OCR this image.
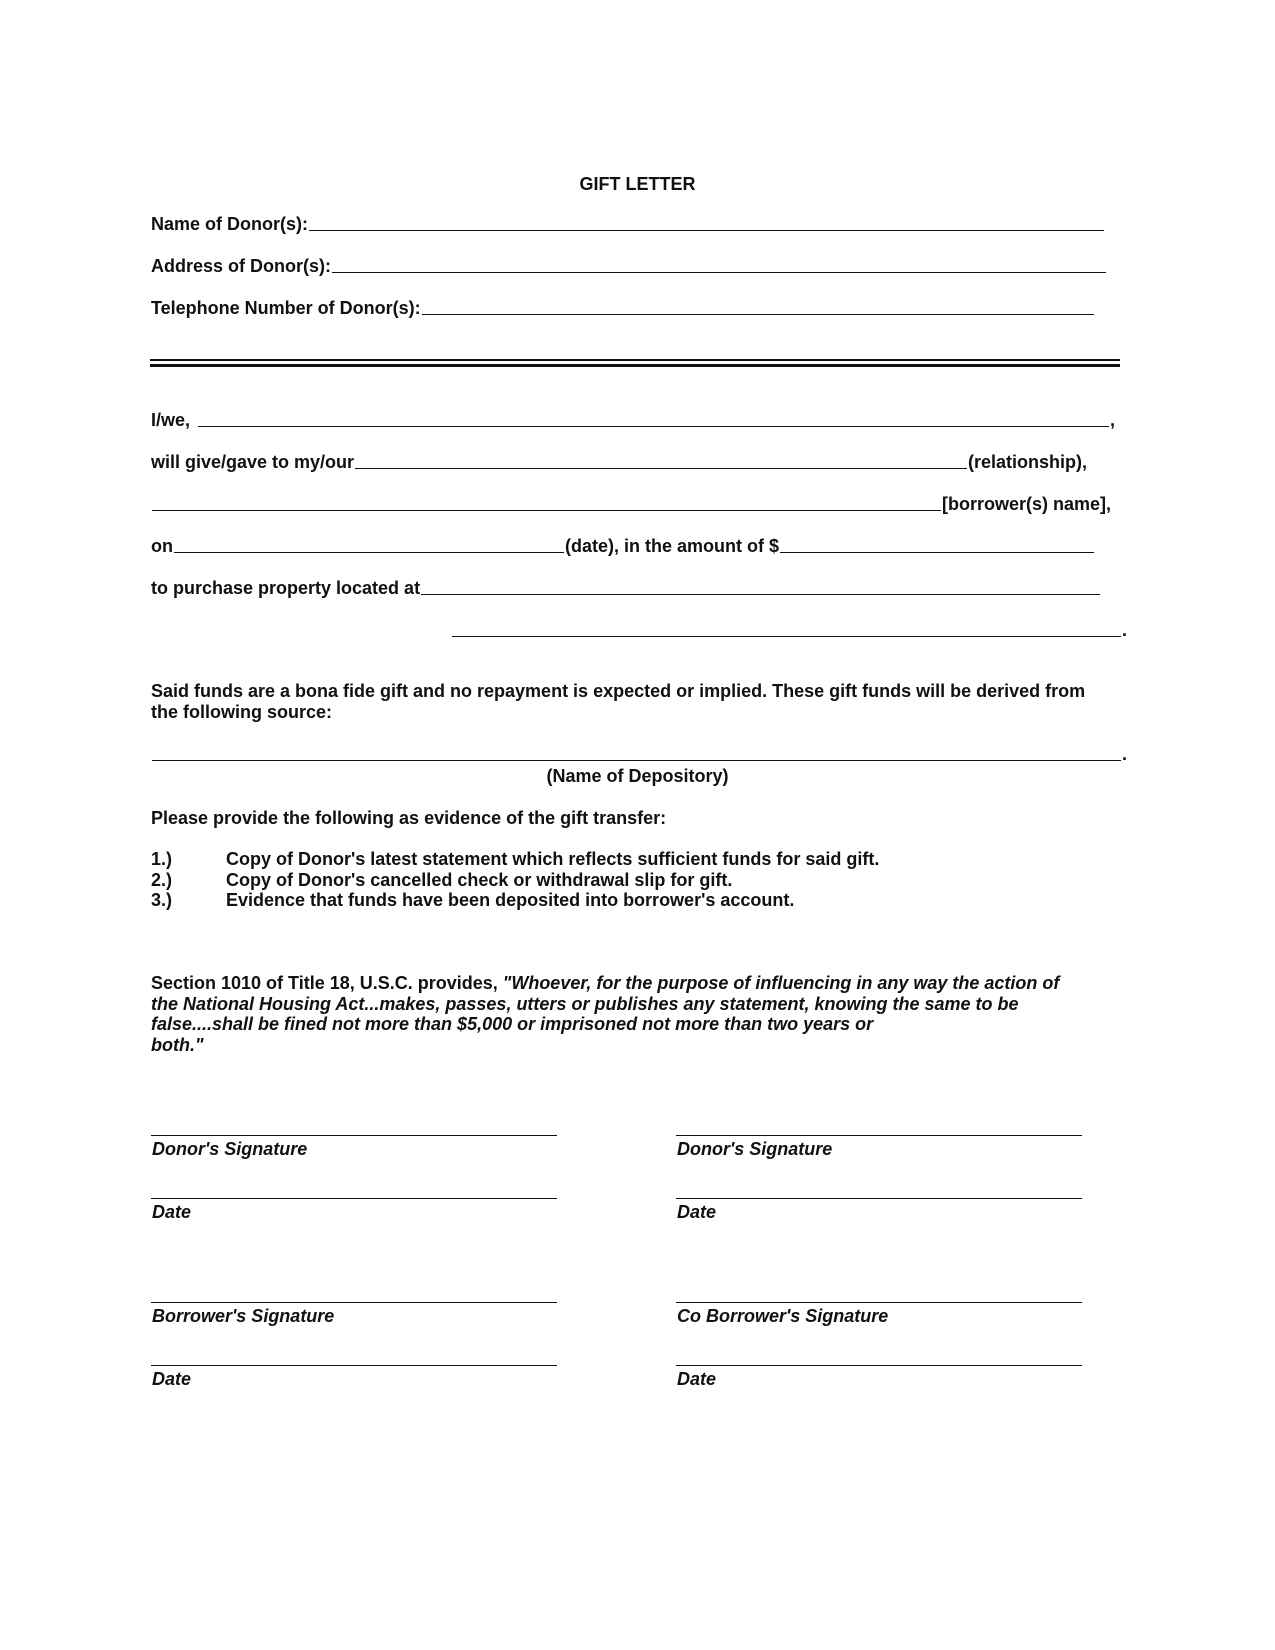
GIFT LETTER
Name of Donor(s):
Address of Donor(s):
Telephone Number of Donor(s):
I/we,	,
will give/gave to my/our	(relationship),
[borrower(s) name],
on	(date), in the amount of $
to purchase property located at
.
Said funds are a bona fide gift and no repayment is expected or implied. These gift funds will be derived from the following source:
.
(Name of Depository)
Please provide the following as evidence of the gift transfer:
1.)	Copy of Donor's latest statement which reflects sufficient funds for said gift.
2.)	Copy of Donor's cancelled check or withdrawal slip for gift.
3.)	Evidence that funds have been deposited into borrower's account.
Section 1010 of Title 18, U.S.C. provides, "Whoever, for the purpose of influencing in any way the action of
the National Housing Act...makes, passes, utters or publishes any statement, knowing the same to be
false....shall be fined not more than $5,000 or imprisoned not more than two years or
both."
Donor's Signature	Donor's Signature
Date	Date
Borrower's Signature	Co Borrower's Signature
Date	Date
